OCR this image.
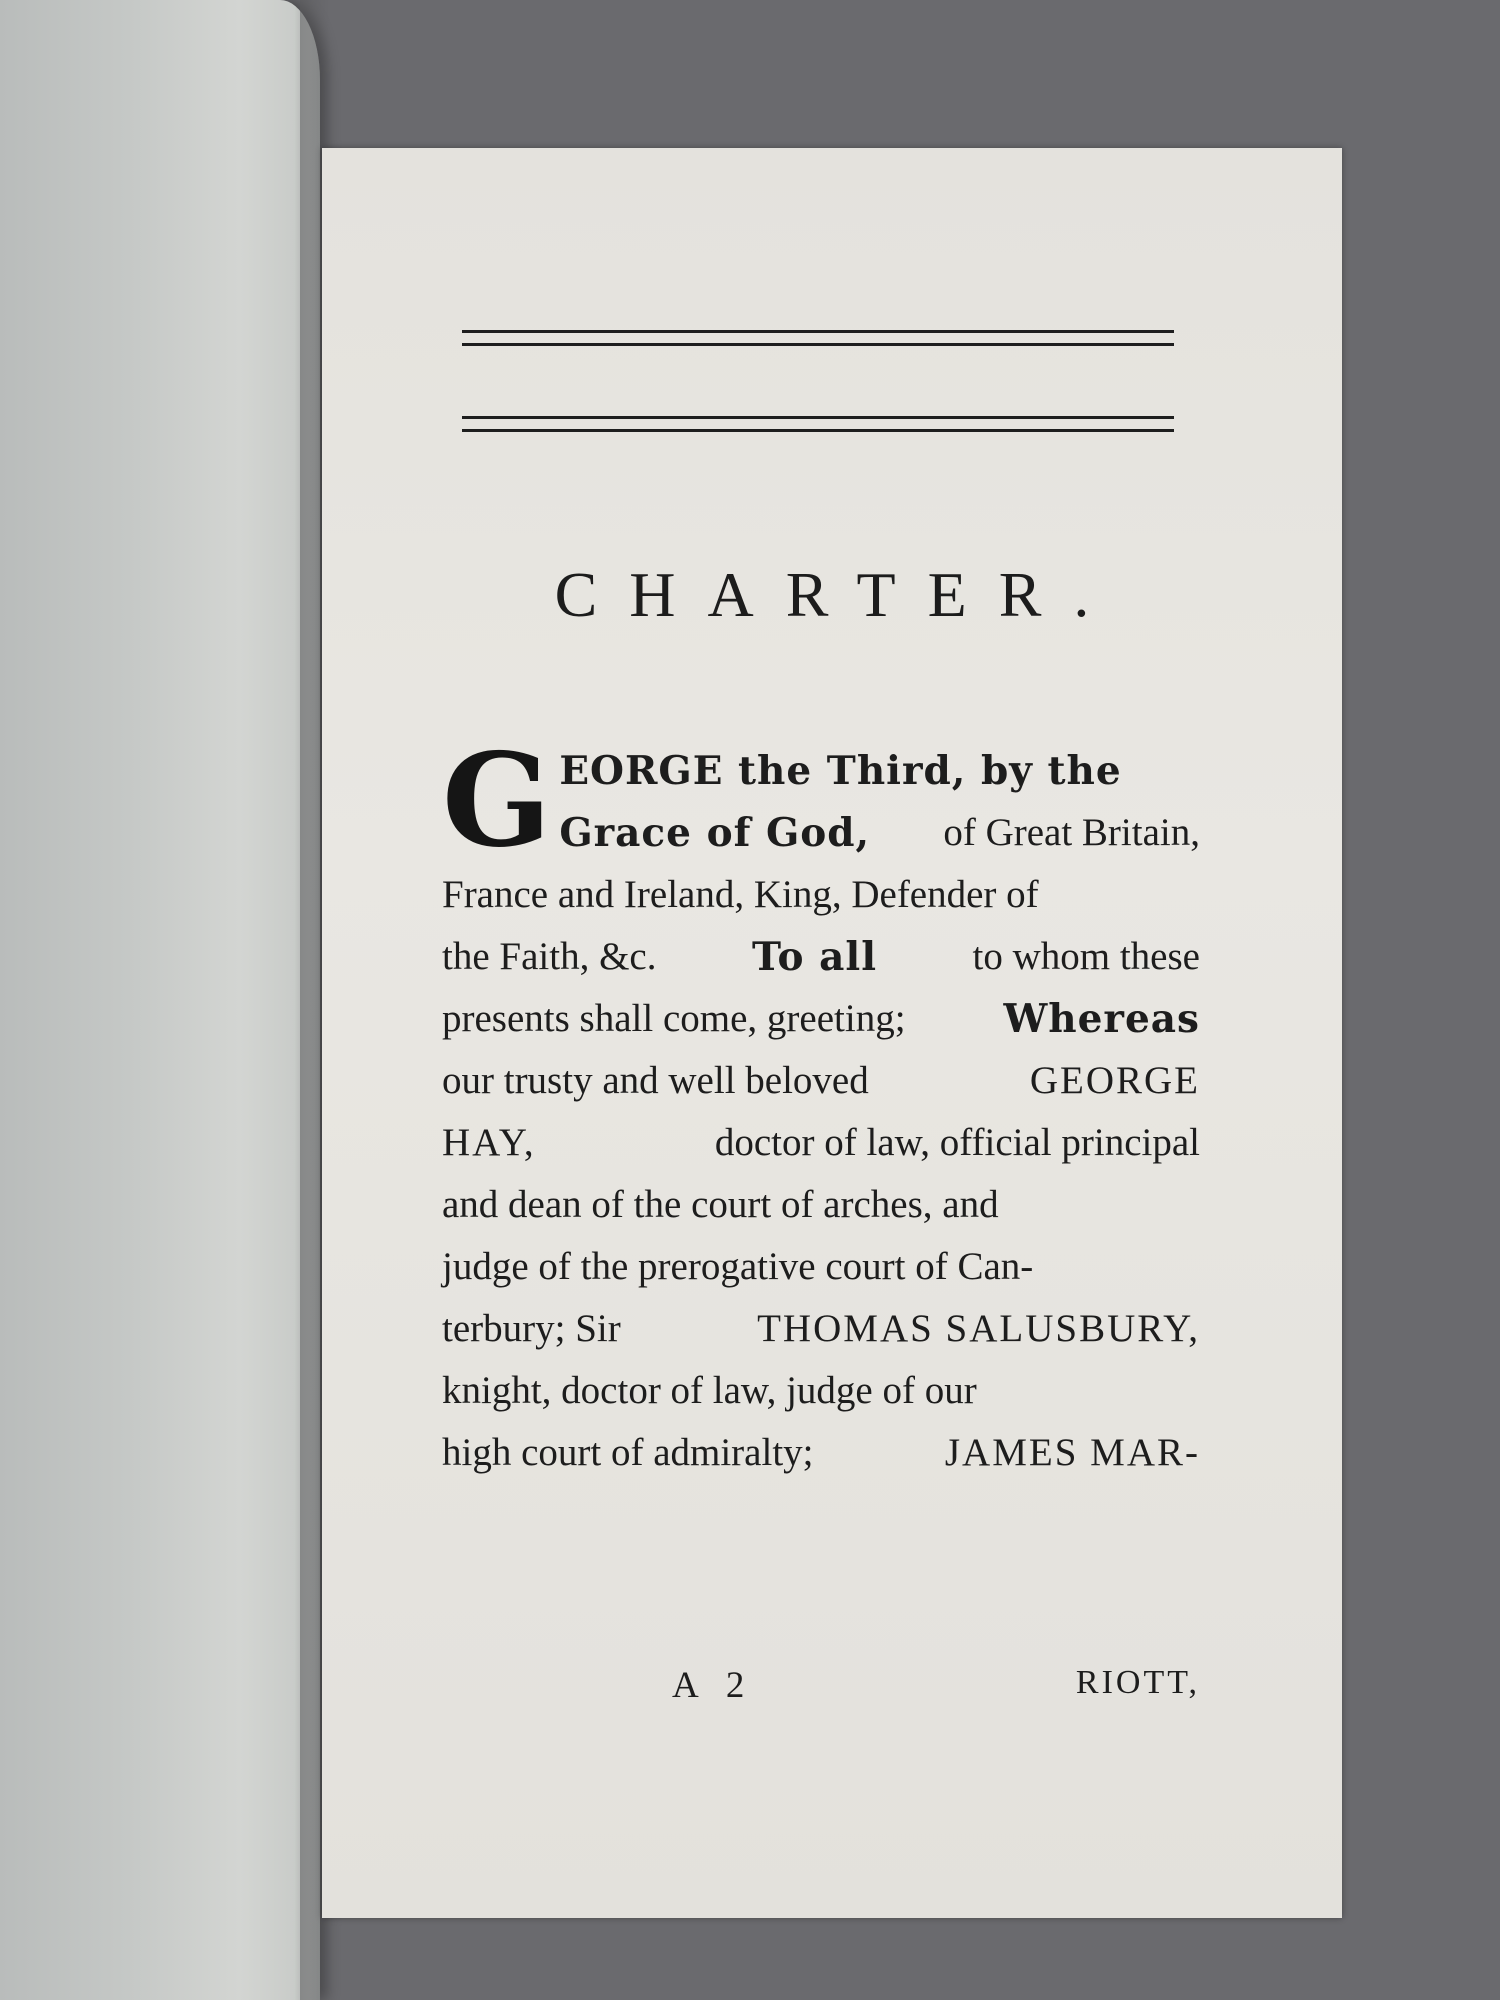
CHARTER.
G EORGE the Third, by the
Grace of God, of Great Britain,
France and Ireland, King, Defender of
the Faith, &c. To all to whom these
presents shall come, greeting;	Whereas
our trusty and well beloved	GEORGE
HAY,	doctor of law, official principal
and dean of the court of arches, and
judge of the prerogative court of Can-
terbury; Sir	THOMAS SALUSBURY,
knight, doctor of law, judge of our
high court of admiralty;	JAMES MAR-
A 2	RIOTT,
